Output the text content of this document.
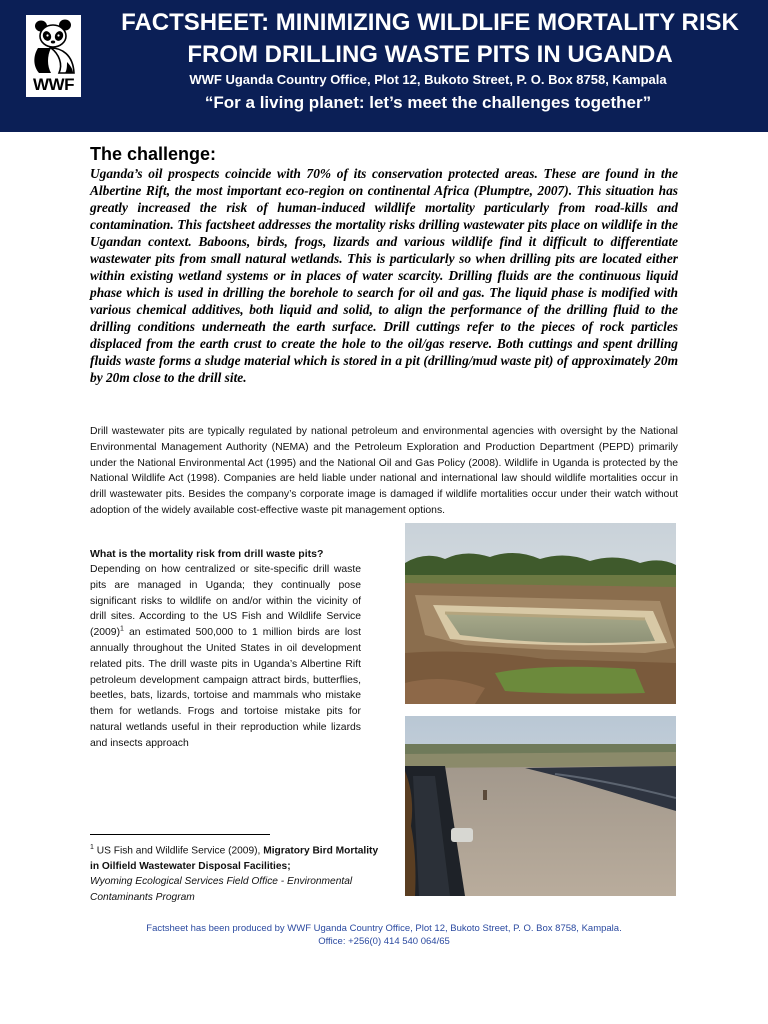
WWF
FACTSHEET: MINIMIZING WILDLIFE MORTALITY RISK
FROM DRILLING WASTE PITS IN UGANDA
WWF Uganda Country Office, Plot 12, Bukoto Street, P. O. Box 8758, Kampala
“For a living planet: let’s meet the challenges together”
The challenge:
Uganda’s oil prospects coincide with 70% of its conservation protected areas. These are found in the Albertine Rift, the most important eco-region on continental Africa (Plumptre, 2007). This situation has greatly increased the risk of human-induced wildlife mortality particularly from road-kills and contamination. This factsheet addresses the mortality risks drilling wastewater pits place on wildlife in the Ugandan context. Baboons, birds, frogs, lizards and various wildlife find it difficult to differentiate wastewater pits from small natural wetlands. This is particularly so when drilling pits are located either within existing wetland systems or in places of water scarcity. Drilling fluids are the continuous liquid phase which is used in drilling the borehole to search for oil and gas. The liquid phase is modified with various chemical additives, both liquid and solid, to align the performance of the drilling fluid to the drilling conditions underneath the earth surface. Drill cuttings refer to the pieces of rock particles displaced from the earth crust to create the hole to the oil/gas reserve. Both cuttings and spent drilling fluids waste forms a sludge material which is stored in a pit (drilling/mud waste pit) of approximately 20m by 20m close to the drill site.
Drill wastewater pits are typically regulated by national petroleum and environmental agencies with oversight by the National Environmental Management Authority (NEMA) and the Petroleum Exploration and Production Department (PEPD) primarily under the National Environmental Act (1995) and the National Oil and Gas Policy (2008). Wildlife in Uganda is protected by the National Wildlife Act (1998). Companies are held liable under national and international law should wildlife mortalities occur in drill wastewater pits. Besides the company’s corporate image is damaged if wildlife mortalities occur under their watch without adoption of the widely available cost-effective waste pit management options.
What is the mortality risk from drill waste pits?
Depending on how centralized or site-specific drill waste pits are managed in Uganda; they continually pose significant risks to wildlife on and/or within the vicinity of drill sites. According to the US Fish and Wildlife Service $(2009)^1$ an estimated 500,000 to 1 million birds are lost annually throughout the United States in oil development related pits. The drill waste pits in Uganda’s Albertine Rift petroleum development campaign attract birds, butterflies, beetles, bats, lizards, tortoise and mammals who mistake them for wetlands. Frogs and tortoise mistake pits for natural wetlands useful in their reproduction while lizards and insects approach
$^1$ US Fish and Wildlife Service (2009), Migratory Bird Mortality in Oilfield Wastewater Disposal Facilities;
Wyoming Ecological Services Field Office - Environmental Contaminants Program
Factsheet has been produced by WWF Uganda Country Office, Plot 12, Bukoto Street, P. O. Box 8758, Kampala.
Office: +256(0) 414 540 064/65
